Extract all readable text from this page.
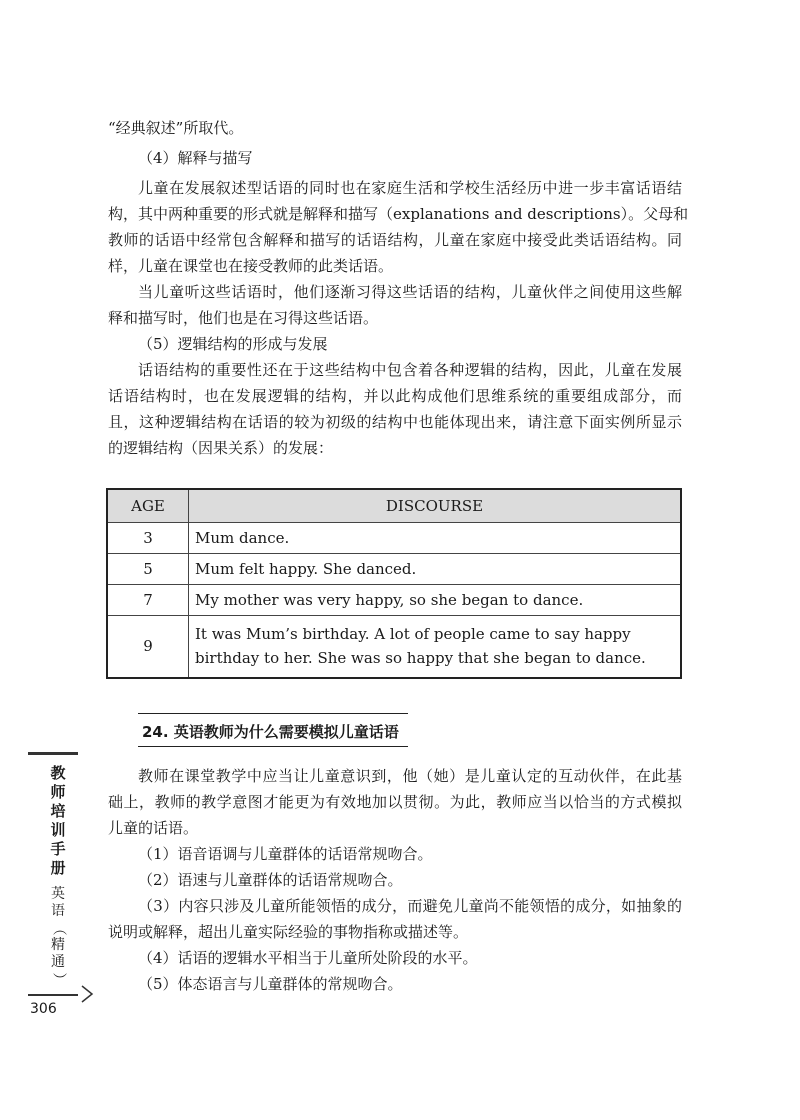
“经典叙述”所取代。
（4）解释与描写
儿童在发展叙述型话语的同时也在家庭生活和学校生活经历中进一步丰富话语结
构，其中两种重要的形式就是解释和描写（explanations and descriptions）。父母和
教师的话语中经常包含解释和描写的话语结构，儿童在家庭中接受此类话语结构。同
样，儿童在课堂也在接受教师的此类话语。
当儿童听这些话语时，他们逐渐习得这些话语的结构，儿童伙伴之间使用这些解
释和描写时，他们也是在习得这些话语。
（5）逻辑结构的形成与发展
话语结构的重要性还在于这些结构中包含着各种逻辑的结构，因此，儿童在发展
话语结构时，也在发展逻辑的结构，并以此构成他们思维系统的重要组成部分，而
且，这种逻辑结构在话语的较为初级的结构中也能体现出来，请注意下面实例所显示
的逻辑结构（因果关系）的发展：
AGE	DISCOURSE
3	Mum dance.
5	Mum felt happy. She danced.
7	My mother was very happy, so she began to dance.
9	It was Mum’s birthday. A lot of people came to say happy birthday to her. She was so happy that she began to dance.
24. 英语教师为什么需要模拟儿童话语
教师在课堂教学中应当让儿童意识到，他（她）是儿童认定的互动伙伴，在此基
础上，教师的教学意图才能更为有效地加以贯彻。为此，教师应当以恰当的方式模拟
儿童的话语。
（1）语音语调与儿童群体的话语常规吻合。
（2）语速与儿童群体的话语常规吻合。
（3）内容只涉及儿童所能领悟的成分，而避免儿童尚不能领悟的成分，如抽象的
说明或解释，超出儿童实际经验的事物指称或描述等。
（4）话语的逻辑水平相当于儿童所处阶段的水平。
（5）体态语言与儿童群体的常规吻合。
教
师
培
训
手
册
英
语
（
精
通
）
306
